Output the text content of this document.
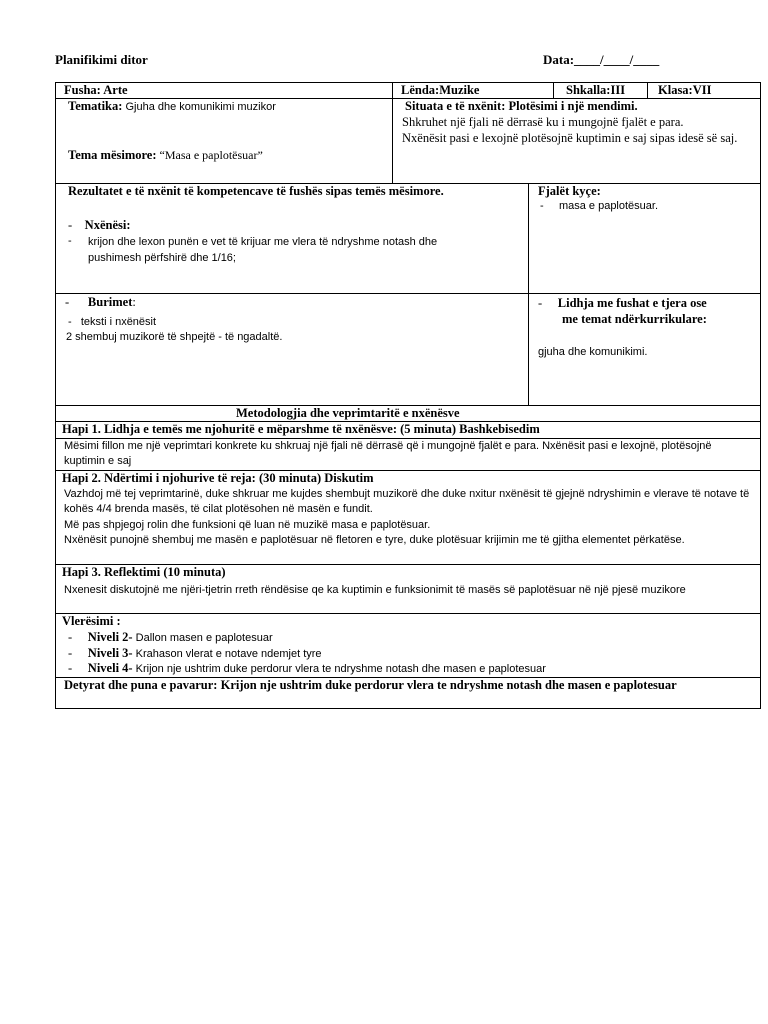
Planifikimi ditor	Data:____/____/____
Fusha: Arte	Lënda:Muzike	Shkalla:III	Klasa:VII
Tematika: Gjuha dhe komunikimi muzikor
Tema mësimore: “Masa e paplotësuar”
Situata e të nxënit: Plotësimi i një mendimi.
Shkruhet një fjali në dërrasë ku i mungojnë fjalët e para.
Nxënësit pasi e lexojnë plotësojnë kuptimin e saj sipas idesë së saj.
Rezultatet e të nxënit të kompetencave të fushës sipas temës mësimore.
-    Nxënësi:
- krijon dhe lexon punën e vet të krijuar me vlera të ndryshme notash dhe pushimesh përfshirë dhe 1/16;
Fjalët kyçe:
-     masa e paplotësuar.
-      Burimet:
-   teksti i nxënësit
2 shembuj muzikorë të shpejtë - të ngadaltë.
-     Lidhja me fushat e tjera ose
me temat ndërkurrikulare:
gjuha dhe komunikimi.
Metodologjia dhe veprimtaritë e nxënësve
Hapi 1. Lidhja e temës me njohuritë e mëparshme të nxënësve: (5 minuta) Bashkebisedim
Mësimi fillon me një veprimtari konkrete ku shkruaj një fjali në dërrasë që i mungojnë fjalët e para. Nxënësit pasi e lexojnë, plotësojnë kuptimin e saj
Hapi 2. Ndërtimi i njohurive të reja: (30 minuta) Diskutim
Vazhdoj më tej veprimtarinë, duke shkruar me kujdes shembujt muzikorë dhe duke nxitur nxënësit të gjejnë ndryshimin e vlerave të notave të kohës 4/4 brenda masës, të cilat plotësohen në masën e fundit.
Më pas shpjegoj rolin dhe funksioni që luan në muzikë masa e paplotësuar.
Nxënësit punojnë shembuj me masën e paplotësuar në fletoren e tyre, duke plotësuar krijimin me të gjitha elementet përkatëse.
Hapi 3. Reflektimi (10 minuta)
Nxenesit diskutojnë me njëri-tjetrin rreth rëndësise qe ka kuptimin e funksionimit të masës së paplotësuar në një pjesë muzikore
Vlerësimi :
-     Niveli 2- Dallon masen e paplotesuar
-     Niveli 3- Krahason vlerat e notave ndemjet tyre
-     Niveli 4- Krijon nje ushtrim duke perdorur vlera te ndryshme notash dhe masen e paplotesuar
Detyrat dhe puna e pavarur: Krijon nje ushtrim duke perdorur vlera te ndryshme notash dhe masen e paplotesuar
